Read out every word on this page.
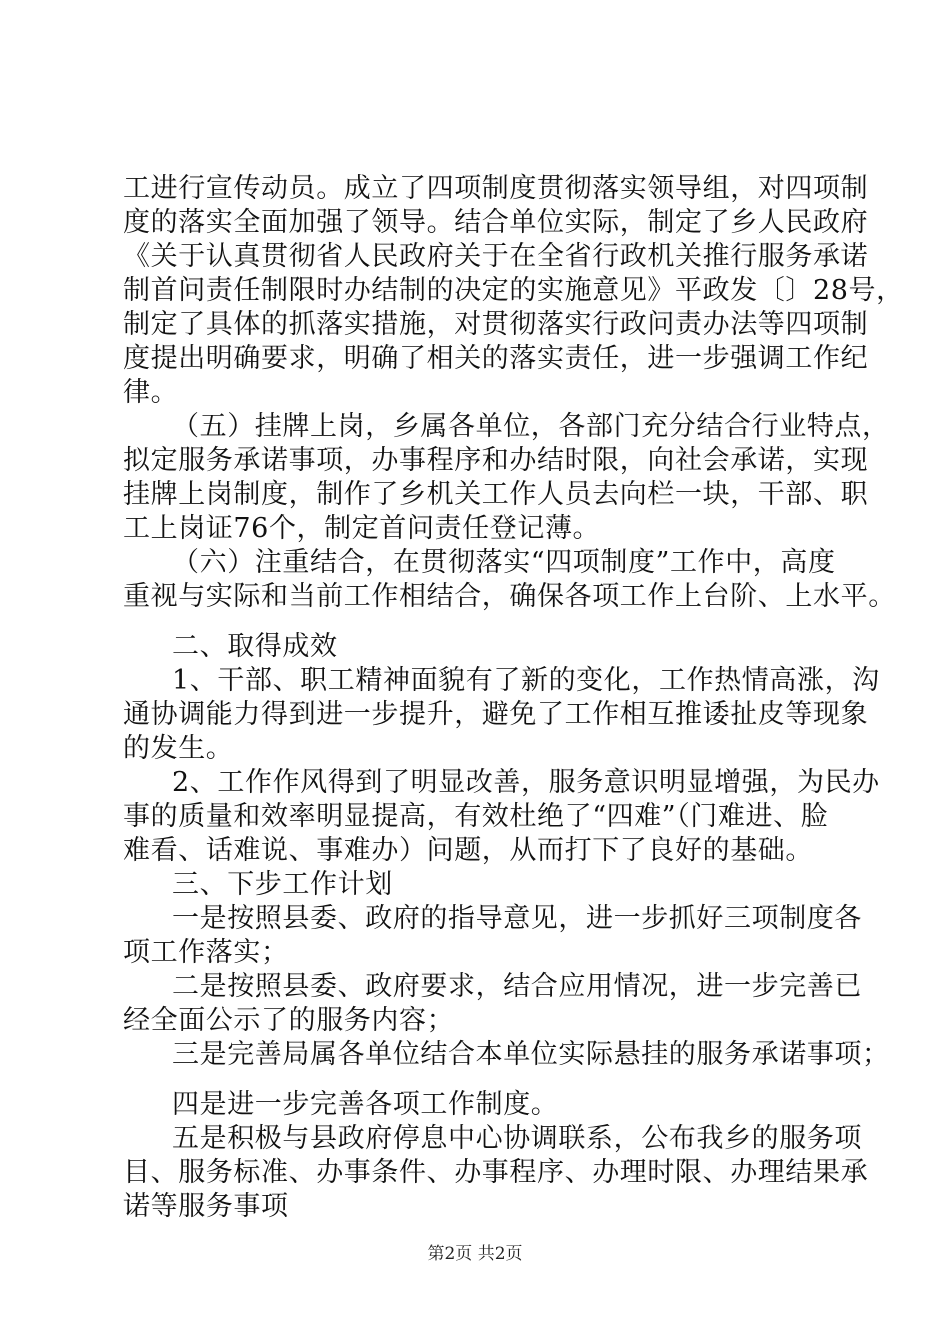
工进行宣传动员。成立了四项制度贯彻落实领导组，对四项制
度的落实全面加强了领导。结合单位实际，制定了乡人民政府
《关于认真贯彻省人民政府关于在全省行政机关推行服务承诺
制首问责任制限时办结制的决定的实施意见》平政发〔〕28号，
制定了具体的抓落实措施，对贯彻落实行政问责办法等四项制
度提出明确要求，明确了相关的落实责任，进一步强调工作纪
律。
（五）挂牌上岗，乡属各单位，各部门充分结合行业特点，
拟定服务承诺事项，办事程序和办结时限，向社会承诺，实现
挂牌上岗制度，制作了乡机关工作人员去向栏一块，干部、职
工上岗证76个，制定首问责任登记薄。
（六）注重结合，在贯彻落实“四项制度”工作中，高度
重视与实际和当前工作相结合，确保各项工作上台阶、上水平。
二、取得成效
1、干部、职工精神面貌有了新的变化，工作热情高涨，沟
通协调能力得到进一步提升，避免了工作相互推诿扯皮等现象
的发生。
2、工作作风得到了明显改善，服务意识明显增强，为民办
事的质量和效率明显提高，有效杜绝了“四难”（门难进、脸
难看、话难说、事难办）问题，从而打下了良好的基础。
三、下步工作计划
一是按照县委、政府的指导意见，进一步抓好三项制度各
项工作落实；
二是按照县委、政府要求，结合应用情况，进一步完善已
经全面公示了的服务内容；
三是完善局属各单位结合本单位实际悬挂的服务承诺事项；
四是进一步完善各项工作制度。
五是积极与县政府停息中心协调联系，公布我乡的服务项
目、服务标准、办事条件、办事程序、办理时限、办理结果承
诺等服务事项
第2页 共2页
